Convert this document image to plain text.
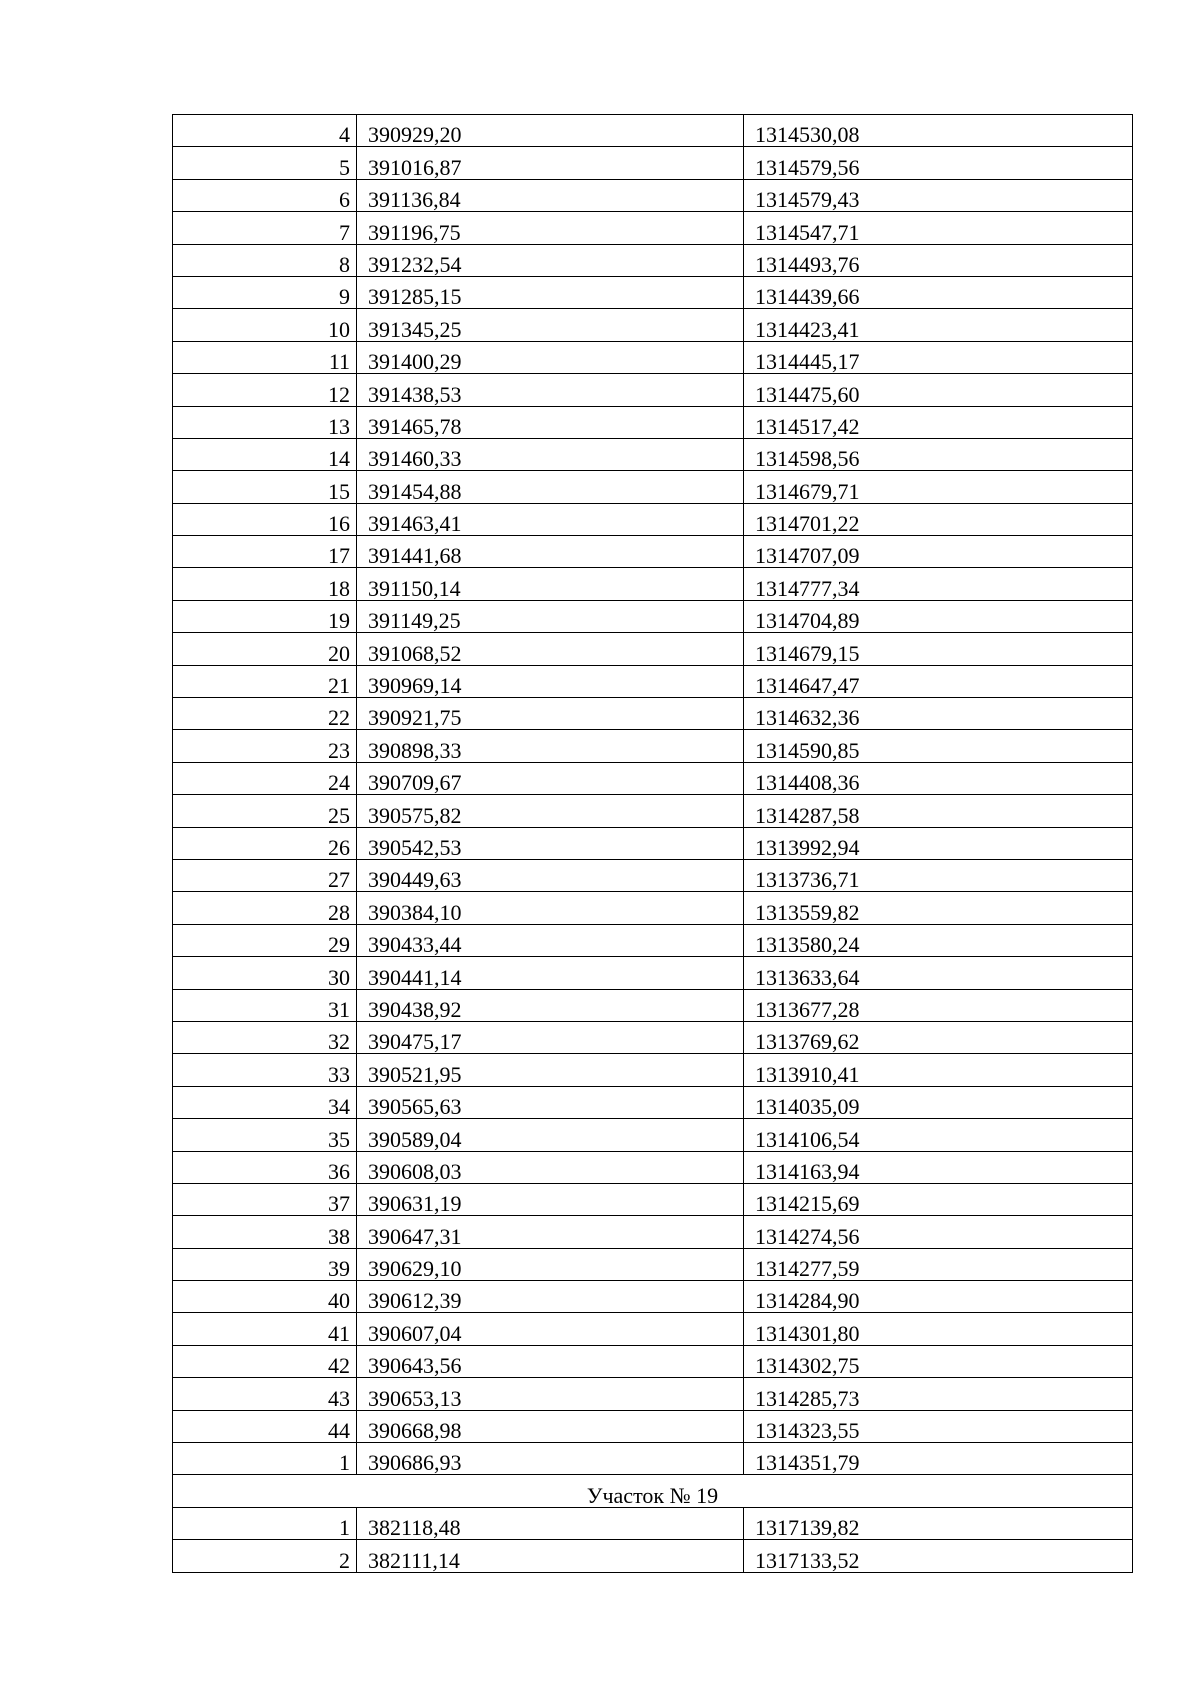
4	390929,20	1314530,08
5	391016,87	1314579,56
6	391136,84	1314579,43
7	391196,75	1314547,71
8	391232,54	1314493,76
9	391285,15	1314439,66
10	391345,25	1314423,41
11	391400,29	1314445,17
12	391438,53	1314475,60
13	391465,78	1314517,42
14	391460,33	1314598,56
15	391454,88	1314679,71
16	391463,41	1314701,22
17	391441,68	1314707,09
18	391150,14	1314777,34
19	391149,25	1314704,89
20	391068,52	1314679,15
21	390969,14	1314647,47
22	390921,75	1314632,36
23	390898,33	1314590,85
24	390709,67	1314408,36
25	390575,82	1314287,58
26	390542,53	1313992,94
27	390449,63	1313736,71
28	390384,10	1313559,82
29	390433,44	1313580,24
30	390441,14	1313633,64
31	390438,92	1313677,28
32	390475,17	1313769,62
33	390521,95	1313910,41
34	390565,63	1314035,09
35	390589,04	1314106,54
36	390608,03	1314163,94
37	390631,19	1314215,69
38	390647,31	1314274,56
39	390629,10	1314277,59
40	390612,39	1314284,90
41	390607,04	1314301,80
42	390643,56	1314302,75
43	390653,13	1314285,73
44	390668,98	1314323,55
1	390686,93	1314351,79
Участок № 19		
1	382118,48	1317139,82
2	382111,14	1317133,52
